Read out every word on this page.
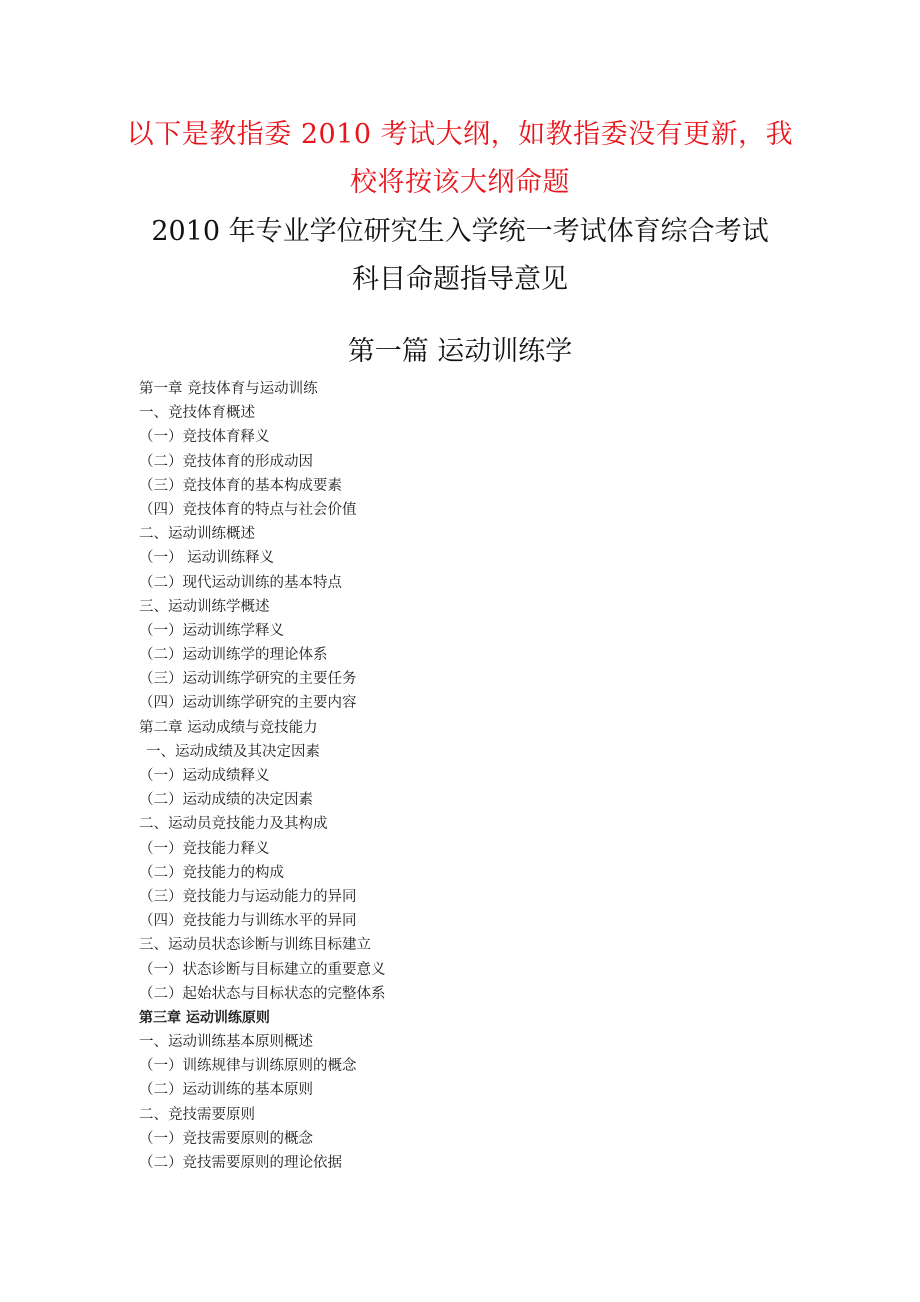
以下是教指委 2010 考试大纲，如教指委没有更新，我
校将按该大纲命题
2010 年专业学位研究生入学统一考试体育综合考试
科目命题指导意见
第一篇 运动训练学
第一章 竞技体育与运动训练
一、竞技体育概述
（一）竞技体育释义
（二）竞技体育的形成动因
（三）竞技体育的基本构成要素
（四）竞技体育的特点与社会价值
二、运动训练概述
（一） 运动训练释义
（二）现代运动训练的基本特点
三、运动训练学概述
（一）运动训练学释义
（二）运动训练学的理论体系
（三）运动训练学研究的主要任务
（四）运动训练学研究的主要内容
第二章 运动成绩与竞技能力
一、运动成绩及其决定因素
（一）运动成绩释义
（二）运动成绩的决定因素
二、运动员竞技能力及其构成
（一）竞技能力释义
（二）竞技能力的构成
（三）竞技能力与运动能力的异同
（四）竞技能力与训练水平的异同
三、运动员状态诊断与训练目标建立
（一）状态诊断与目标建立的重要意义
（二）起始状态与目标状态的完整体系
第三章 运动训练原则
一、运动训练基本原则概述
（一）训练规律与训练原则的概念
（二）运动训练的基本原则
二、竞技需要原则
（一）竞技需要原则的概念
（二）竞技需要原则的理论依据
